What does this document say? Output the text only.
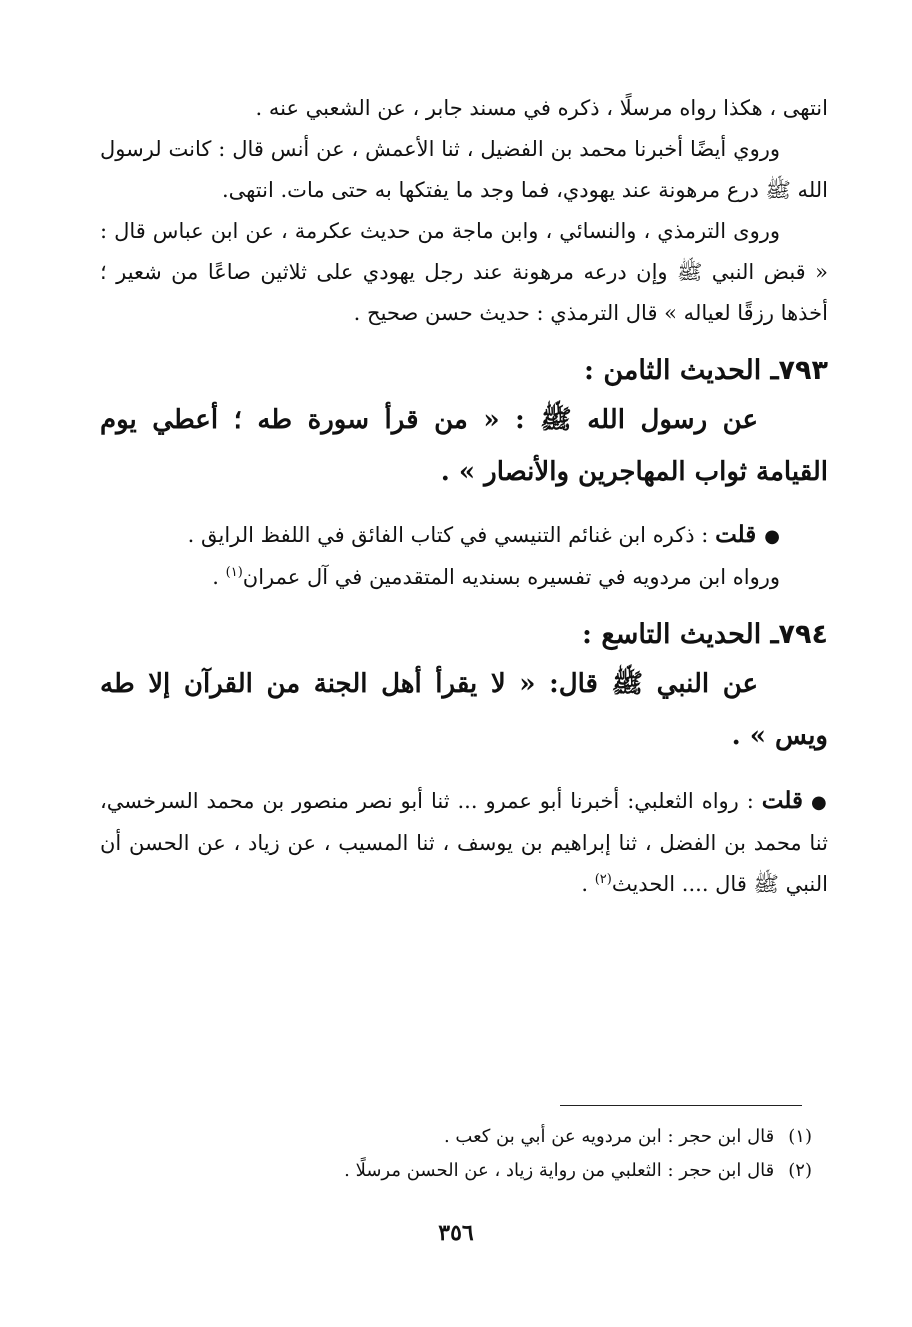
انتهى ، هكذا رواه مرسلًا ، ذكره في مسند جابر ، عن الشعبي عنه .

وروي أيضًا أخبرنا محمد بن الفضيل ، ثنا الأعمش ، عن أنس قال : كانت لرسول الله ﷺ درع مرهونة عند يهودي، فما وجد ما يفتكها به حتى مات. انتهى.

وروى الترمذي ، والنسائي ، وابن ماجة من حديث عكرمة ، عن ابن عباس قال : « قبض النبي ﷺ وإن درعه مرهونة عند رجل يهودي على ثلاثين صاعًا من شعير ؛ أخذها رزقًا لعياله » قال الترمذي : حديث حسن صحيح .

٧٩٣ـ الحديث الثامن :

عن رسول الله ﷺ : « من قرأ سورة طه ؛ أعطي يوم القيامة ثواب المهاجرين والأنصار » .

●قلت : ذكره ابن غنائم التنيسي في كتاب الفائق في اللفظ الرايق .

ورواه ابن مردويه في تفسيره بسنديه المتقدمين في آل عمران$^{(١)}$ .

٧٩٤ـ الحديث التاسع :

عن النبي ﷺ قال: « لا يقرأ أهل الجنة من القرآن إلا طه ويس » .

●قلت : رواه الثعلبي: أخبرنا أبو عمرو ... ثنا أبو نصر منصور بن محمد السرخسي، ثنا محمد بن الفضل ، ثنا إبراهيم بن يوسف ، ثنا المسيب ، عن زياد ، عن الحسن أن النبي ﷺ قال .... الحديث$^{(٢)}$ .

(١)قال ابن حجر : ابن مردويه عن أبي بن كعب .

(٢)قال ابن حجر : الثعلبي من رواية زياد ، عن الحسن مرسلًا .

٣٥٦
